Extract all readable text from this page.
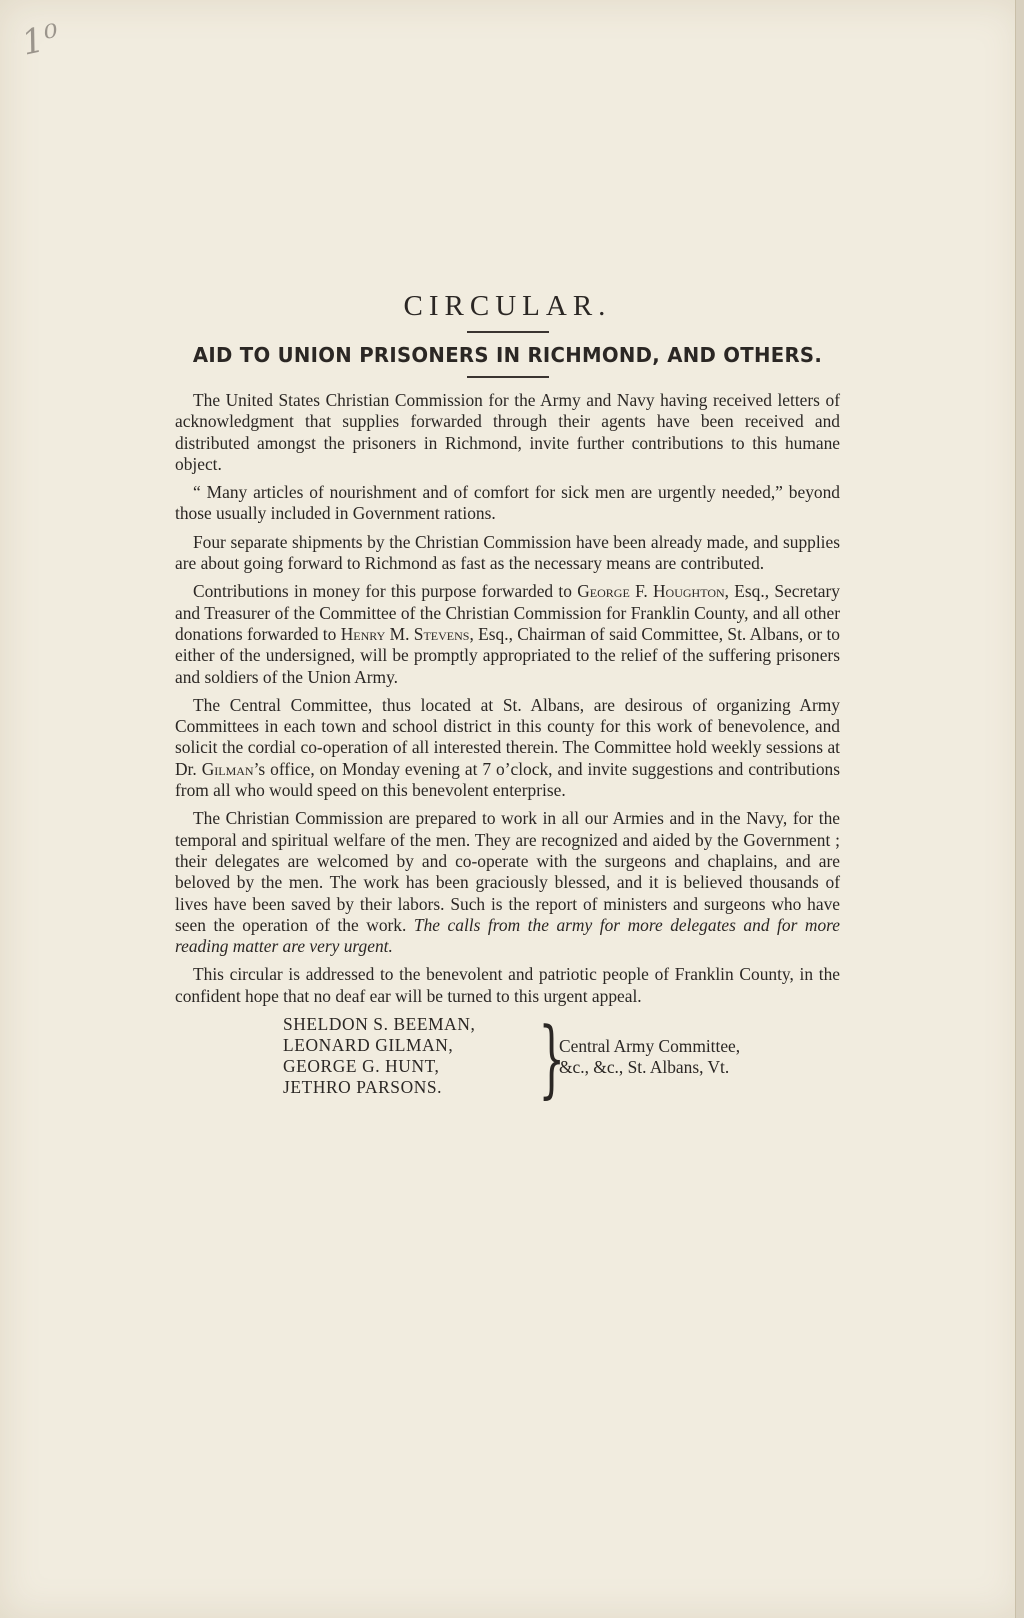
1⁰
CIRCULAR.
AID TO UNION PRISONERS IN RICHMOND, AND OTHERS.

The United States Christian Commission for the Army and Navy having received letters of acknowledgment that supplies forwarded through their agents have been received and distributed amongst the prisoners in Richmond, invite further contributions to this humane object.

“ Many articles of nourishment and of comfort for sick men are urgently needed,” beyond those usually included in Government rations.

Four separate shipments by the Christian Commission have been already made, and supplies are about going forward to Richmond as fast as the necessary means are contributed.

Contributions in money for this purpose forwarded to George F. Houghton, Esq., Secretary and Treasurer of the Committee of the Christian Commission for Franklin County, and all other donations forwarded to Henry M. Stevens, Esq., Chairman of said Committee, St. Albans, or to either of the undersigned, will be promptly appropriated to the relief of the suffering prisoners and soldiers of the Union Army.

The Central Committee, thus located at St. Albans, are desirous of organizing Army Committees in each town and school district in this county for this work of benevolence, and solicit the cordial co-operation of all interested therein. The Committee hold weekly sessions at Dr. Gilman’s office, on Monday evening at 7 o’clock, and invite suggestions and contributions from all who would speed on this benevolent enterprise.

The Christian Commission are prepared to work in all our Armies and in the Navy, for the temporal and spiritual welfare of the men. They are recognized and aided by the Government ; their delegates are welcomed by and co-operate with the surgeons and chaplains, and are beloved by the men. The work has been graciously blessed, and it is believed thousands of lives have been saved by their labors. Such is the report of ministers and surgeons who have seen the operation of the work. The calls from the army for more delegates and for more reading matter are very urgent.

This circular is addressed to the benevolent and patriotic people of Franklin County, in the confident hope that no deaf ear will be turned to this urgent appeal.

SHELDON S. BEEMAN,
LEONARD GILMAN,
GEORGE G. HUNT,
JETHRO PARSONS.	}
Central Army Committee,
&c., &c., St. Albans, Vt.
